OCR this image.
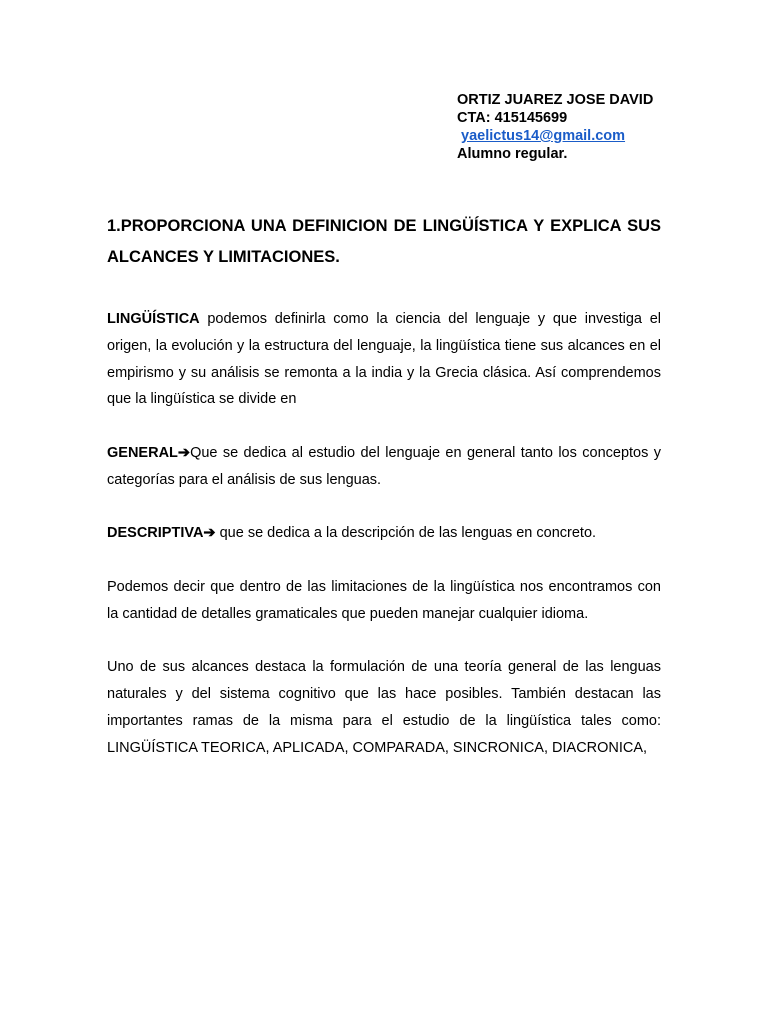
ORTIZ JUAREZ JOSE DAVID
CTA: 415145699
yaelictus14@gmail.com
Alumno regular.
1.PROPORCIONA UNA DEFINICION DE LINGÜÍSTICA Y EXPLICA SUS ALCANCES Y LIMITACIONES.

LINGÜÍSTICA podemos definirla como la ciencia del lenguaje y que investiga el origen, la evolución y la estructura del lenguaje, la lingüística tiene sus alcances en el empirismo y su análisis se remonta a la india y la Grecia clásica. Así comprendemos que la lingüística se divide en

GENERAL➔Que se dedica al estudio del lenguaje en general tanto los conceptos y categorías para el análisis de sus lenguas.

DESCRIPTIVA➔ que se dedica a la descripción de las lenguas en concreto.

Podemos decir que dentro de las limitaciones de la lingüística nos encontramos con la cantidad de detalles gramaticales que pueden manejar cualquier idioma.

Uno de sus alcances destaca la formulación de una teoría general de las lenguas naturales y del sistema cognitivo que las hace posibles. También destacan las importantes ramas de la misma para el estudio de la lingüística tales como: LINGÜÍSTICA TEORICA, APLICADA, COMPARADA, SINCRONICA, DIACRONICA,
